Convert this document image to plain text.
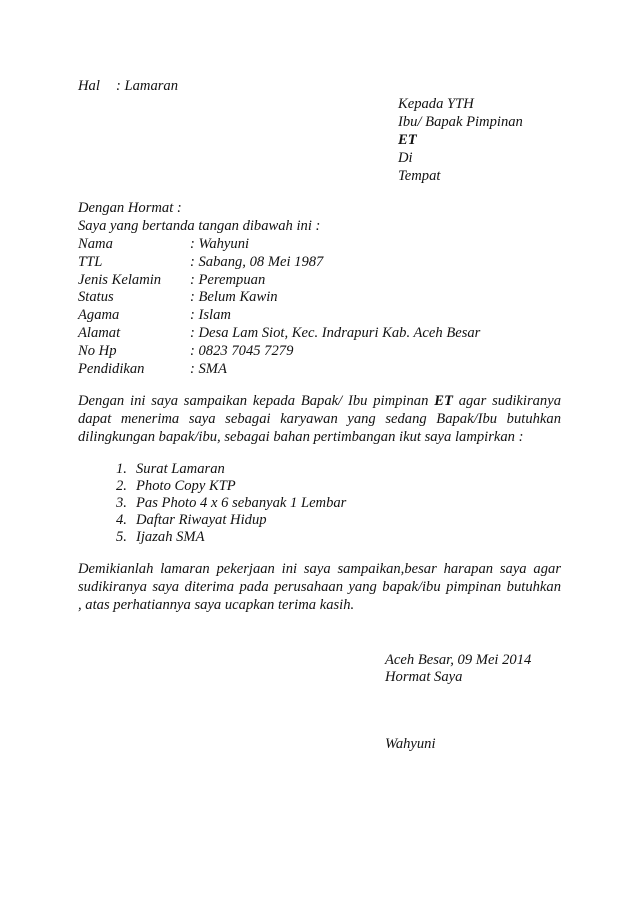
Hal : Lamaran
Kepada YTH
Ibu/ Bapak Pimpinan
ET
Di
Tempat
Dengan Hormat :
Saya yang bertanda tangan dibawah ini :
Nama	: Wahyuni
TTL	: Sabang, 08 Mei 1987
Jenis Kelamin : Perempuan
Status	: Belum Kawin
Agama	: Islam
Alamat	: Desa Lam Siot, Kec. Indrapuri Kab. Aceh Besar
No Hp	: 0823 7045 7279
Pendidikan	: SMA
Dengan ini saya sampaikan kepada Bapak/ Ibu pimpinan ET agar sudikiranya
dapat menerima saya sebagai karyawan yang sedang Bapak/Ibu butuhkan
dilingkungan bapak/ibu, sebagai bahan pertimbangan ikut saya lampirkan :
1. Surat Lamaran
2. Photo Copy KTP
3. Pas Photo 4 x 6 sebanyak 1 Lembar
4. Daftar Riwayat Hidup
5. Ijazah SMA
Demikianlah lamaran pekerjaan ini saya sampaikan,besar harapan saya agar
sudikiranya saya diterima pada perusahaan yang bapak/ibu pimpinan butuhkan
, atas perhatiannya saya ucapkan terima kasih.
Aceh Besar, 09 Mei 2014
Hormat Saya
Wahyuni
